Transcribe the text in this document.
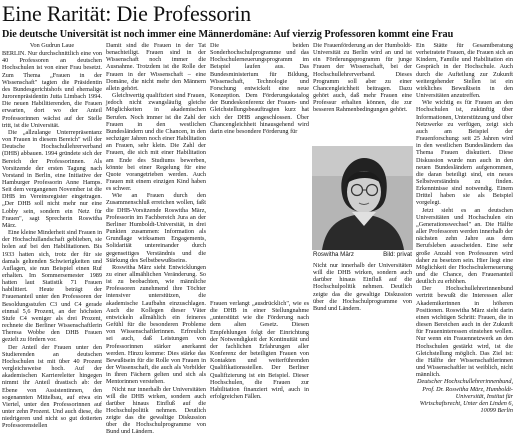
Eine Rarität: Die Professorin
Die deutsche Universität ist noch immer eine Männerdomäne: Auf vierzig Professoren kommt eine Frau
Von Gudrun Laue

BERLIN. Nur durchschnittlich eine von 40 Professoren an deutschen Hochschulen ist von einer Frau besetzt. Zum Thema „Frauen in der Wissenschaft" tagten die Präsidentin des Bundesgerichtshofs und ehemalige Jurorenpräsidentin Jutta Limbach 1994. Die neuen Habilitierenden, die Frauen erwarten, dort wo der Anteil Professorinnen wächst auf der Stelle tritt, ist die Universität.

Die „allzulange Unterrepräsentanz von Frauen in diesem Bereich" will der Deutsche Hochschullehrerverband (DHB) abbauen. 1994 gründete sich der Bereich der Professorinnen. Als Vorsitzende der ersten Tagung nach Vorstand in Berlin, eine Initiative der Hamburger Professorin Anne Hamps. Seit dem vergangenen November ist die DHB im Vereinsregister eingetragen. „Der DHB soll nicht mehr nur eine Lobby sein, sondern ein Netz für Frauen", sagt Sprecherin Roswitha März.

Eine kleine Minderheit sind Frauen in der Hochschullandschaft geblieben, sie holen auf bei den Habilitationen. Bis 1933 hatten sich, trotz der für sie damals geltenden Schwierigkeiten und Auflagen, sie nun Beispiel einen Ruf erhalten. Im Sommersemester 1989 hatten laut Statistik 71 Frauen habilitiert. Heute beträgt der Frauenanteil unter den Professoren der Besoldungsstufen C3 und C4 gerade einmal 5,6 Prozent, an der höchsten Stufe C4 weniger als drei Prozent, rechnete die Berliner Wissenschaftlerin Theresa Wobbe den DHB Frauen gezielt zu fördern vor.

Der Anteil der Frauen unter den Studierenden an deutschen Hochschulen ist mit über 40 Prozent vergleichsweise hoch. Auf der akademischen Karriereleiter hingegen nimmt ihr Anteil drastisch ab: der Ebene von Assistentinnen, den sogenannten Mittelbau, auf etwa ein Viertel, unter den Professorinnen auf unter zehn Prozent. Und auch diese, die niedrigeren und nicht so gut dotierten Professorenstellen

Damit sind die Frauen in der Tat benachteiligt. Frauen sind in der Wissenschaft noch immer die Ausnahme. Trotzdem ist die Rolle der Frauen in der Wissenschaft – eine Domäne, die nicht mehr den Männern allein gehört.

Gleichwertig qualifiziert sind Frauen, jedoch nicht zwangsläufig gleiche Möglichkeiten in akademischen Berufen. Noch immer ist die Zahl der Frauen in den westlichen Bundesländern und die Chancen, in den sechziger Jahren noch einer Habilitation an Frauen, sehr klein. Die Zahl der Frauen, die sich mit einer Habilitation am Ende des Studiums bewerben, könnte bei einer Regelung für eine Quote vorangetrieben werden. Auch Frauen mit einem einzigen Kind haben es schwer.

Wie an Frauen durch den Zusammenschluß erreichen wollen, faßt die DHB-Vorsitzende Roswitha März, Professorin im Fachbereich Jura an der Berliner Humboldt-Universität, in drei Punkten zusammen: Information als Grundlage wirksamen Engagements, Solidarität untereinander durch gegenseitiges Verständnis und die Stärkung des Selbstbewußtseins.

Roswitha März sieht Entwicklungen zu einer allmählichen Veränderung. So ist zu beobachten, wie männliche Professoren zunehmend ihre Töchter intensiver unterstützen, die akademische Laufbahn einzuschlagen. Auch die Kollegen dieser Väter entwickeln allmählich ein feineres Gefühl für die besonderen Probleme von Wissenschaftlerinnen. Erfreulich sei auch, daß Leistungen von Professorinnen stärker anerkannt werden. Hinzu komme: Dies stärke das Bewußtsein für die Rolle von Frauen in der Wissenschaft, die auch als Vorbilder in ihren Fächern gelten und sich als Mentorinnen verstehen.

Nicht nur innerhalb der Universitäten will die DHB wirken, sondern auch darüber hinaus Einfluß auf die Hochschulpolitik nehmen. Deutlich zeigte das die gewaltige Diskussion über die Hochschulprogramme von Bund und Ländern.

Die beiden Sonderhochschulprogramme und das Hochschulerneuerungsprogramm im Beispiel laufen aus. Das Bundesministerium für Bildung, Wissenschaft, Technologie und Forschung entwickelt eine neue Konzeption. Dem Förderungskatalog der Bundeskonferenz der Frauen- und Gleichstellungsbeauftragten kurz hat sich der DHB angeschlossen. Über Chancengleichheit hinausgehend wird darin eine besondere Förderung für

Roswitha März	Bild: privat

Frauen verlangt „ausdrücklich", wie es die DHB in einer Stellungnahme „unterstützt wie die Förderung nach dem alten Gesetz. Diesen Empfehlungen folgt der Einrichtung der Notwendigkeit der Kontinuität und der fachlichen Erfahrungen aller Konferenz der beteiligten Frauen von Kontakten und weiterführenden Qualifikationsstellen. Der Berliner Qualifizierung ist ein Beispiel. Dieser Hochschulen, die Frauen zur Habilitation finanziert wird, auch in erfolgreichen Fällen.

Die Frauenförderung an der Humboldt-Universität zu Berlin wird an und ist ein Förderungsprogramm für junge Frauen der Wissenschaft, bei der Hochschullehrerverband. Dieses Programm soll aber zu einer Chancengleichheit beitragen. Dazu gehört auch, daß mehr Frauen eine Professur erhalten können, die zur besseren Rahmenbedingungen gehört.

Nicht nur innerhalb der Universitäten will die DHB wirken, sondern auch darüber hinaus Einfluß auf die Hochschulpolitik nehmen. Deutlich zeigte das die gewaltige Diskussion über die Hochschulprogramme von Bund und Ländern.

Ein Stätte für Gesamtberatung verheiratete Frauen, die Frauen sich an Kindern, Familie und Habilitation ein Gespräch in der Hochschule. Auch durch die Aufteilung zur Zukunft weitergehender Stellen ist ein wirkliches Bewußtsein in den Universitäten anzutreffen.

Wie wichtig es für Frauen an den Hochschulen ist, zukünftig über Informationen, Unterstützung und über Netzwerke zu verfügen, zeigt sich auch am Beispiel der Frauenforschung: seit 25 Jahren wird in den westlichen Bundesländern das Thema Frauen diskutiert. Diese Diskussion wurde nun auch in den neuen Bundesländern aufgenommen, die daran beteiligt sind, ein neues Selbstverständnis zu finden. Erkenntnisse sind notwendig. Einem Drittel haben sie als Beispiel vorgelegt.

Jetzt sieht es an deutschen Universitäten und Hochschulen ein „Generationswechsel" an. Die Hälfte aller Professoren werden innerhalb der nächsten zehn Jahre aus dem Berufsleben ausscheiden. Eine sehr große Anzahl von Professuren wird daher zu besetzen sein. Hier liegt eine Möglichkeit der Hochschulerneuerung und die Chance, den Frauenanteil deutlich zu erhöhen.

Der Hochschullehrerinnenbund vertritt bewußt die Interessen aller Akademikerinnen in höheren Positionen. Roswitha März sieht darin einen wichtigen Schritt: Frauen, die in diesen Bereichen auch in der Zukunft für Fraueninteressen einstehen wollen. Nur wenn ein Frauennetzwerk an den Hochschulen gestärkt wird, ist die Gleichstellung möglich. Das Ziel ist: die Hälfte der Wissenschaftlerinnen und Wissenschaftler ist weiblich, nicht männlich.

Deutscher Hochschullehrerinnenbund, Prof. Dr. Roswitha März, Humboldt-Universität, Institut für Wirtschaftsrecht, Unter den Linden 6, 10099 Berlin
